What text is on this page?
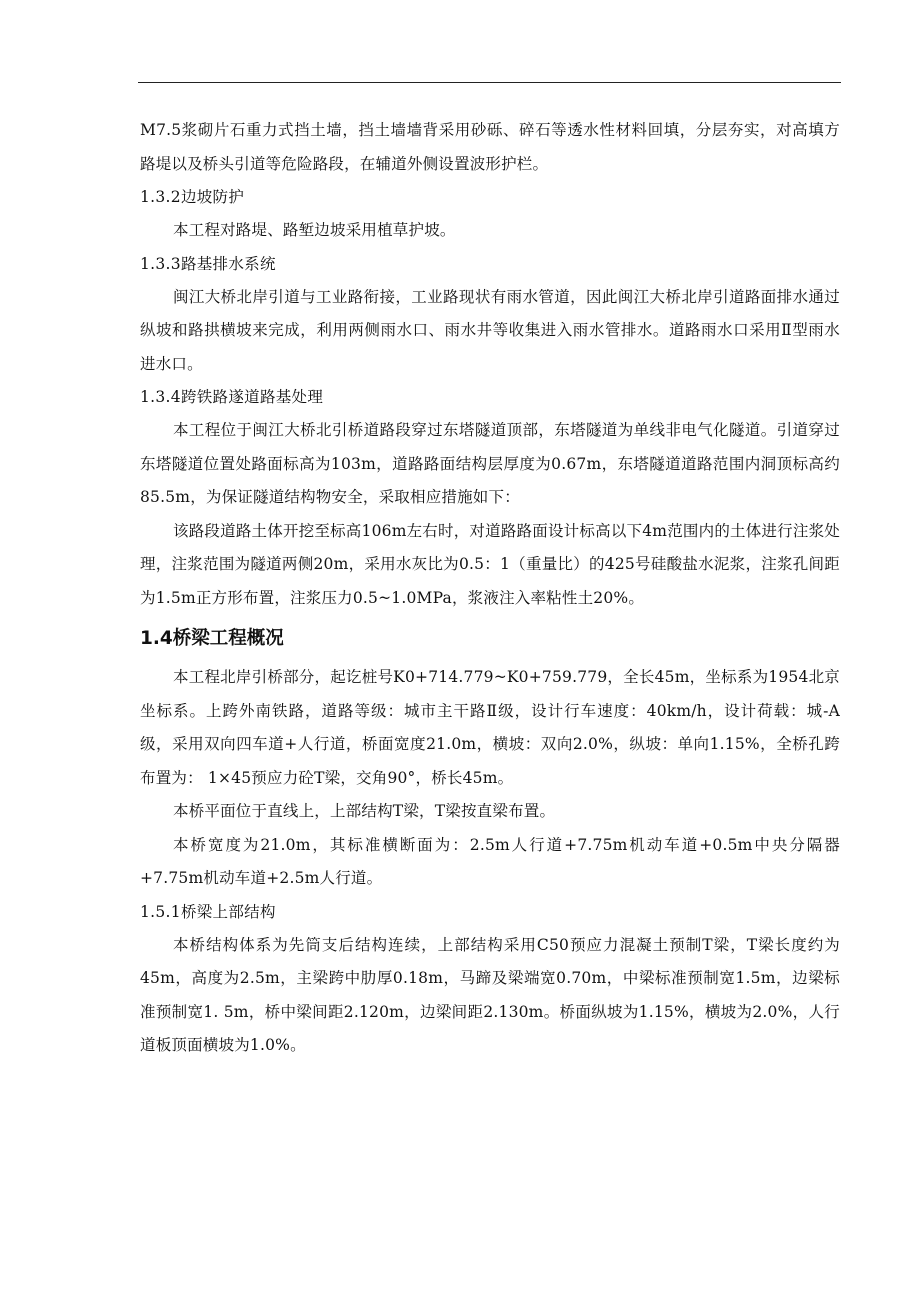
M7.5浆砌片石重力式挡土墙，挡土墙墙背采用砂砾、碎石等透水性材料回填，分层夯实，对高填方路堤以及桥头引道等危险路段，在辅道外侧设置波形护栏。

1.3.2边坡防护

本工程对路堤、路堑边坡采用植草护坡。

1.3.3路基排水系统

闽江大桥北岸引道与工业路衔接，工业路现状有雨水管道，因此闽江大桥北岸引道路面排水通过纵坡和路拱横坡来完成，利用两侧雨水口、雨水井等收集进入雨水管排水。道路雨水口采用Ⅱ型雨水进水口。

1.3.4跨铁路遂道路基处理

本工程位于闽江大桥北引桥道路段穿过东塔隧道顶部，东塔隧道为单线非电气化隧道。引道穿过东塔隧道位置处路面标高为103m，道路路面结构层厚度为0.67m，东塔隧道道路范围内洞顶标高约85.5m，为保证隧道结构物安全，采取相应措施如下：

该路段道路土体开挖至标高106m左右时，对道路路面设计标高以下4m范围内的土体进行注浆处理，注浆范围为隧道两侧20m，采用水灰比为0.5：1（重量比）的425号硅酸盐水泥浆，注浆孔间距为1.5m正方形布置，注浆压力0.5~1.0MPa，浆液注入率粘性土20%。

1.4桥梁工程概况

本工程北岸引桥部分，起讫桩号K0+714.779~K0+759.779，全长45m，坐标系为1954北京坐标系。上跨外南铁路，道路等级：城市主干路Ⅱ级，设计行车速度：40km/h，设计荷载：城-A级，采用双向四车道+人行道，桥面宽度21.0m，横坡：双向2.0%，纵坡：单向1.15%，全桥孔跨布置为： 1×45预应力砼T梁，交角90°，桥长45m。

本桥平面位于直线上，上部结构T梁，T梁按直梁布置。

本桥宽度为21.0m，其标准横断面为：2.5m人行道+7.75m机动车道+0.5m中央分隔器+7.75m机动车道+2.5m人行道。

1.5.1桥梁上部结构

本桥结构体系为先筒支后结构连续，上部结构采用C50预应力混凝土预制T梁，T梁长度约为45m，高度为2.5m，主梁跨中肋厚0.18m，马蹄及梁端宽0.70m，中梁标准预制宽1.5m，边梁标准预制宽1. 5m，桥中梁间距2.120m，边梁间距2.130m。桥面纵坡为1.15%，横坡为2.0%，人行道板顶面横坡为1.0%。
